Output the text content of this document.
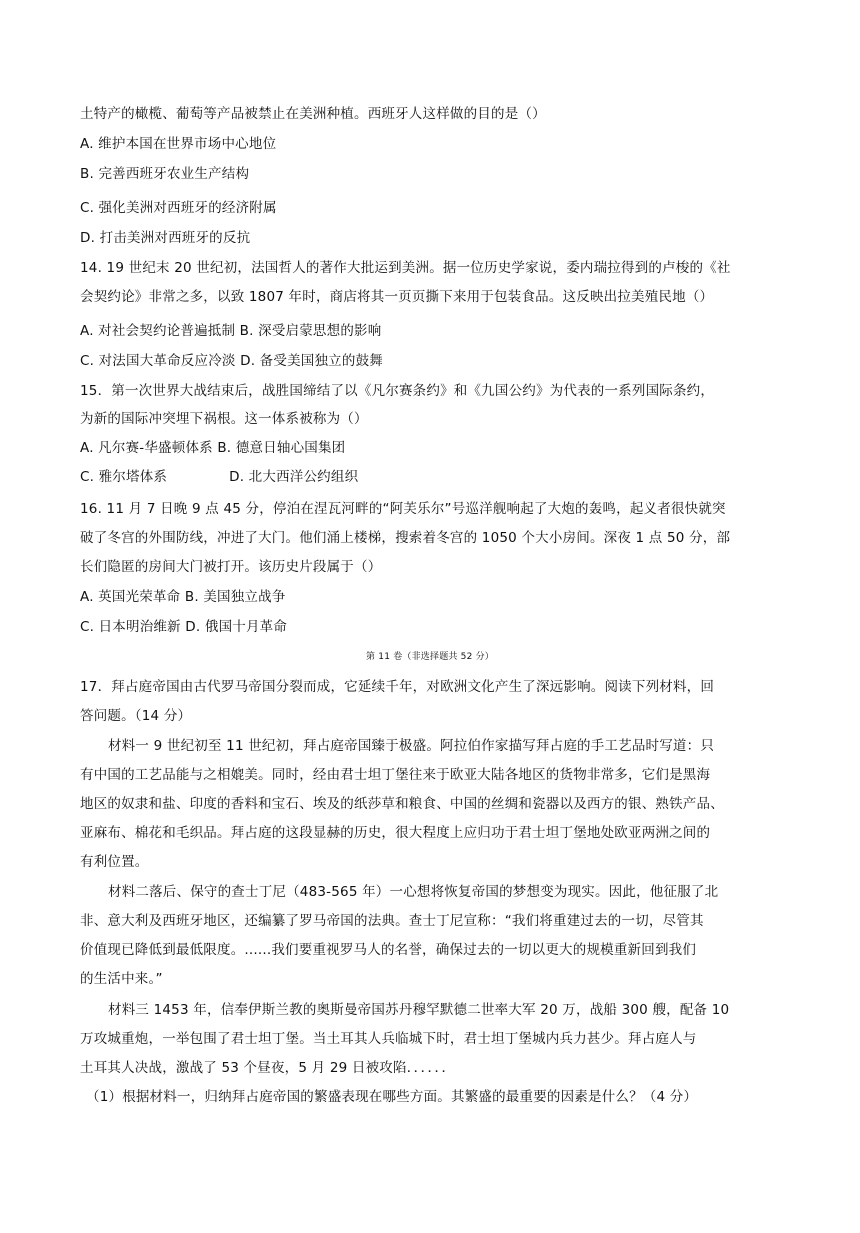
土特产的橄榄、葡萄等产品被禁止在美洲种植。西班牙人这样做的目的是（）
A. 维护本国在世界市场中心地位
B. 完善西班牙农业生产结构
C. 强化美洲对西班牙的经济附属
D. 打击美洲对西班牙的反抗
14. 19 世纪末 20 世纪初，法国哲人的著作大批运到美洲。据一位历史学家说，委内瑞拉得到的卢梭的《社
会契约论》非常之多，以致 1807 年时，商店将其一页页撕下来用于包装食品。这反映出拉美殖民地（）
A. 对社会契约论普遍抵制 B. 深受启蒙思想的影响
C. 对法国大革命反应冷淡 D. 备受美国独立的鼓舞
15．第一次世界大战结束后，战胜国缔结了以《凡尔赛条约》和《九国公约》为代表的一系列国际条约，
为新的国际冲突埋下祸根。这一体系被称为（）
A. 凡尔赛-华盛顿体系 B. 德意日轴心国集团
C. 雅尔塔体系	D. 北大西洋公约组织
16. 11 月 7 日晚 9 点 45 分，停泊在涅瓦河畔的“阿芙乐尔”号巡洋舰响起了大炮的轰鸣，起义者很快就突
破了冬宫的外围防线，冲进了大门。他们涌上楼梯，搜索着冬宫的 1050 个大小房间。深夜 1 点 50 分，部
长们隐匿的房间大门被打开。该历史片段属于（）
A. 英国光荣革命 B. 美国独立战争
C. 日本明治维新 D. 俄国十月革命
第 11 卷（非选择题共 52 分）
17．拜占庭帝国由古代罗马帝国分裂而成，它延续千年，对欧洲文化产生了深远影响。阅读下列材料，回
答问题。（14 分）
材料一 9 世纪初至 11 世纪初，拜占庭帝国臻于极盛。阿拉伯作家描写拜占庭的手工艺品时写道：只
有中国的工艺品能与之相媲美。同时，经由君士坦丁堡往来于欧亚大陆各地区的货物非常多，它们是黑海
地区的奴隶和盐、印度的香料和宝石、埃及的纸莎草和粮食、中国的丝绸和瓷器以及西方的银、熟铁产品、
亚麻布、棉花和毛织品。拜占庭的这段显赫的历史，很大程度上应归功于君士坦丁堡地处欧亚两洲之间的
有利位置。
材料二落后、保守的查士丁尼（483-565 年）一心想将恢复帝国的梦想变为现实。因此，他征服了北
非、意大利及西班牙地区，还编纂了罗马帝国的法典。查士丁尼宣称：“我们将重建过去的一切，尽管其
价值现已降低到最低限度。......我们要重视罗马人的名誉，确保过去的一切以更大的规模重新回到我们
的生活中来。”
材料三 1453 年，信奉伊斯兰教的奥斯曼帝国苏丹穆罕默德二世率大军 20 万，战船 300 艘，配备 10
万攻城重炮，一举包围了君士坦丁堡。当土耳其人兵临城下时，君士坦丁堡城内兵力甚少。拜占庭人与
土耳其人决战，激战了 53 个昼夜，5 月 29 日被攻陷．．．．．．
（1）根据材料一，归纳拜占庭帝国的繁盛表现在哪些方面。其繁盛的最重要的因素是什么？（4 分）
